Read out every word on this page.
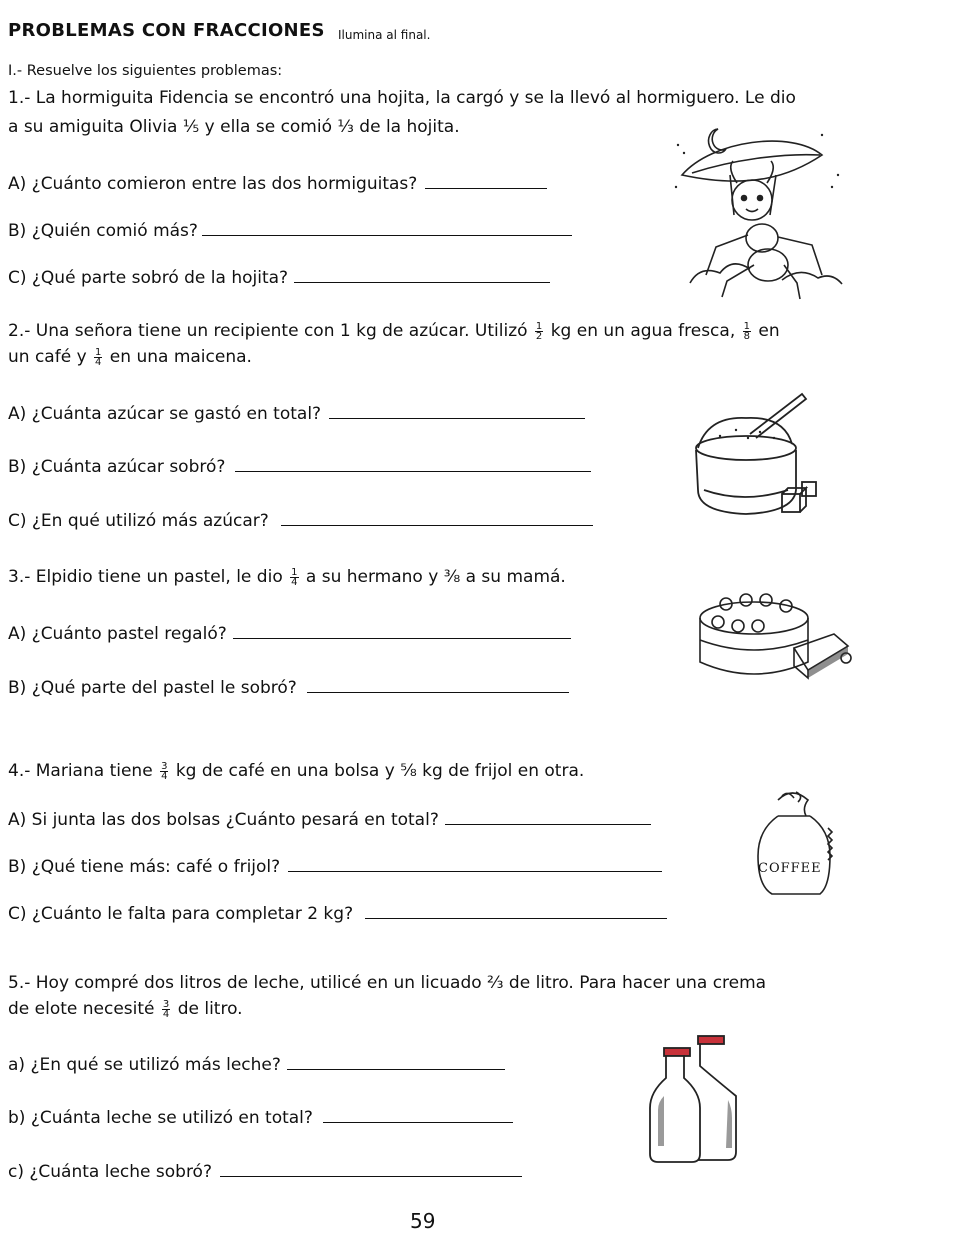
PROBLEMAS CON FRACCIONES Ilumina al final.
I.- Resuelve los siguientes problemas:
1.- La hormiguita Fidencia se encontró una hojita, la cargó y se la llevó al hormiguero. Le dio
a su amiguita Olivia ⅕ y ella se comió ⅓ de la hojita.
A) ¿Cuánto comieron entre las dos hormiguitas?
B) ¿Quién comió más?
C) ¿Qué parte sobró de la hojita?
2.- Una señora tiene un recipiente con 1 kg de azúcar. Utilizó $\frac{1}{2}$ kg en un agua fresca, $\frac{1}{8}$ en
un café y $\frac{1}{4}$ en una maicena.
A) ¿Cuánta azúcar se gastó en total?
B) ¿Cuánta azúcar sobró?
C) ¿En qué utilizó más azúcar?
3.- Elpidio tiene un pastel, le dio $\frac{1}{4}$ a su hermano y ⅜ a su mamá.
A) ¿Cuánto pastel regaló?
B) ¿Qué parte del pastel le sobró?
4.- Mariana tiene $\frac{3}{4}$ kg de café en una bolsa y ⅝ kg de frijol en otra.
A) Si junta las dos bolsas ¿Cuánto pesará en total?
B) ¿Qué tiene más: café o frijol?
C) ¿Cuánto le falta para completar 2 kg?
COFFEE
5.- Hoy compré dos litros de leche, utilicé en un licuado ⅔ de litro. Para hacer una crema
de elote necesité $\frac{3}{4}$ de litro.
a) ¿En qué se utilizó más leche?
b) ¿Cuánta leche se utilizó en total?
c) ¿Cuánta leche sobró?
59
